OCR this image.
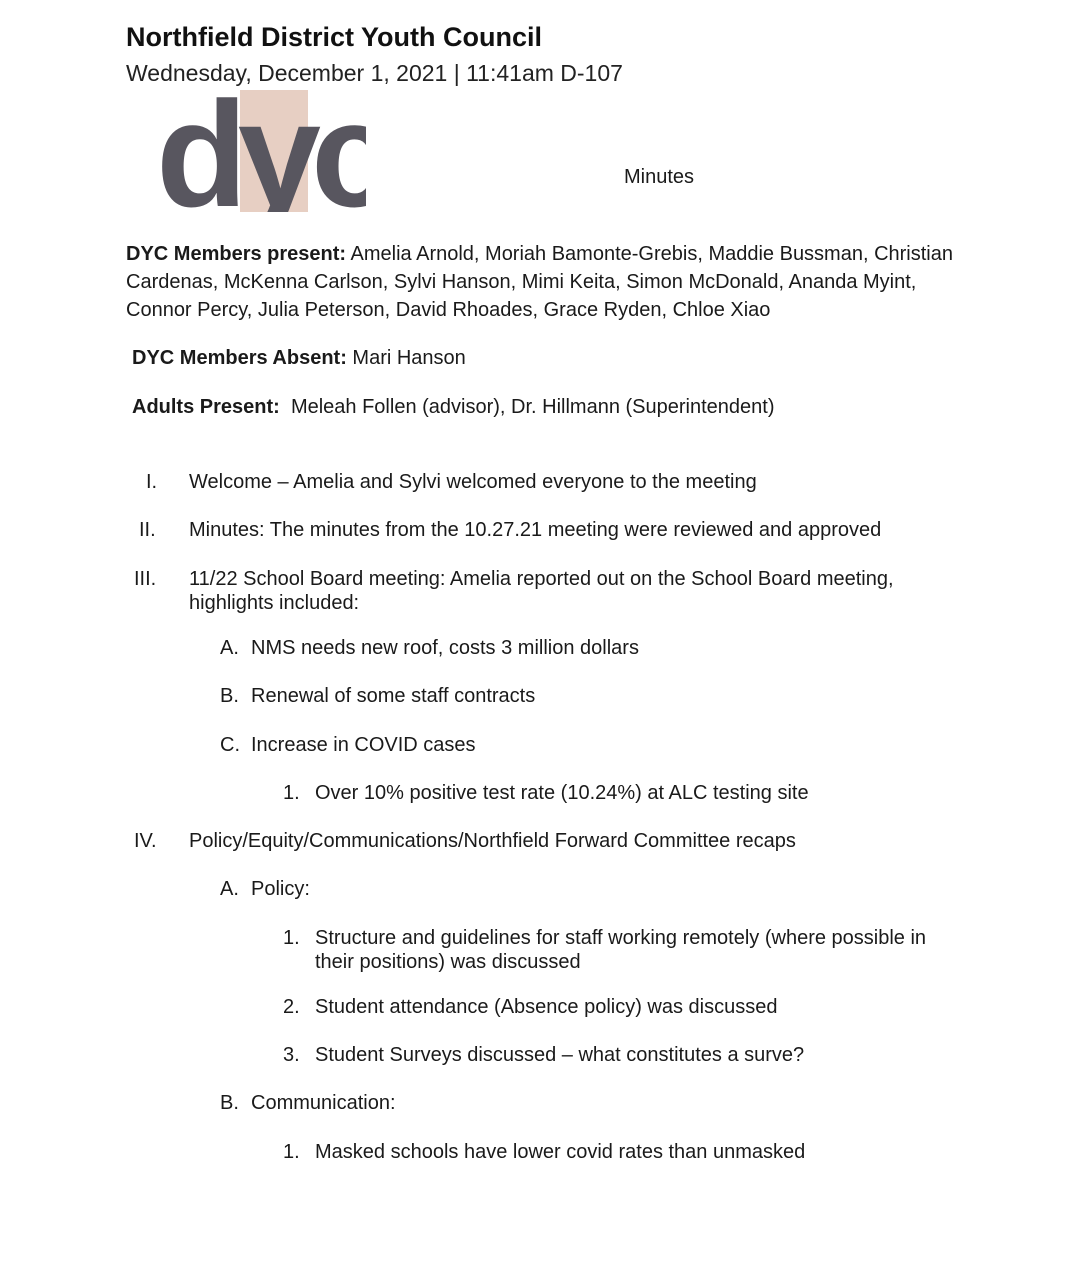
Northfield District Youth Council
Wednesday, December 1, 2021 | 11:41am D-107
dyc	Minutes
DYC Members present: Amelia Arnold, Moriah Bamonte-Grebis, Maddie Bussman, Christian Cardenas, McKenna Carlson, Sylvi Hanson, Mimi Keita, Simon McDonald, Ananda Myint, Connor Percy, Julia Peterson, David Rhoades, Grace Ryden, Chloe Xiao
DYC Members Absent: Mari Hanson
Adults Present: Meleah Follen (advisor), Dr. Hillmann (Superintendent)
I. Welcome – Amelia and Sylvi welcomed everyone to the meeting
II. Minutes: The minutes from the 10.27.21 meeting were reviewed and approved
III. 11/22 School Board meeting: Amelia reported out on the School Board meeting, highlights included:
A. NMS needs new roof, costs 3 million dollars
B. Renewal of some staff contracts
C. Increase in COVID cases
1. Over 10% positive test rate (10.24%) at ALC testing site
IV. Policy/Equity/Communications/Northfield Forward Committee recaps
A. Policy:
1. Structure and guidelines for staff working remotely (where possible in their positions) was discussed
2. Student attendance (Absence policy) was discussed
3. Student Surveys discussed – what constitutes a surve?
B. Communication:
1. Masked schools have lower covid rates than unmasked
